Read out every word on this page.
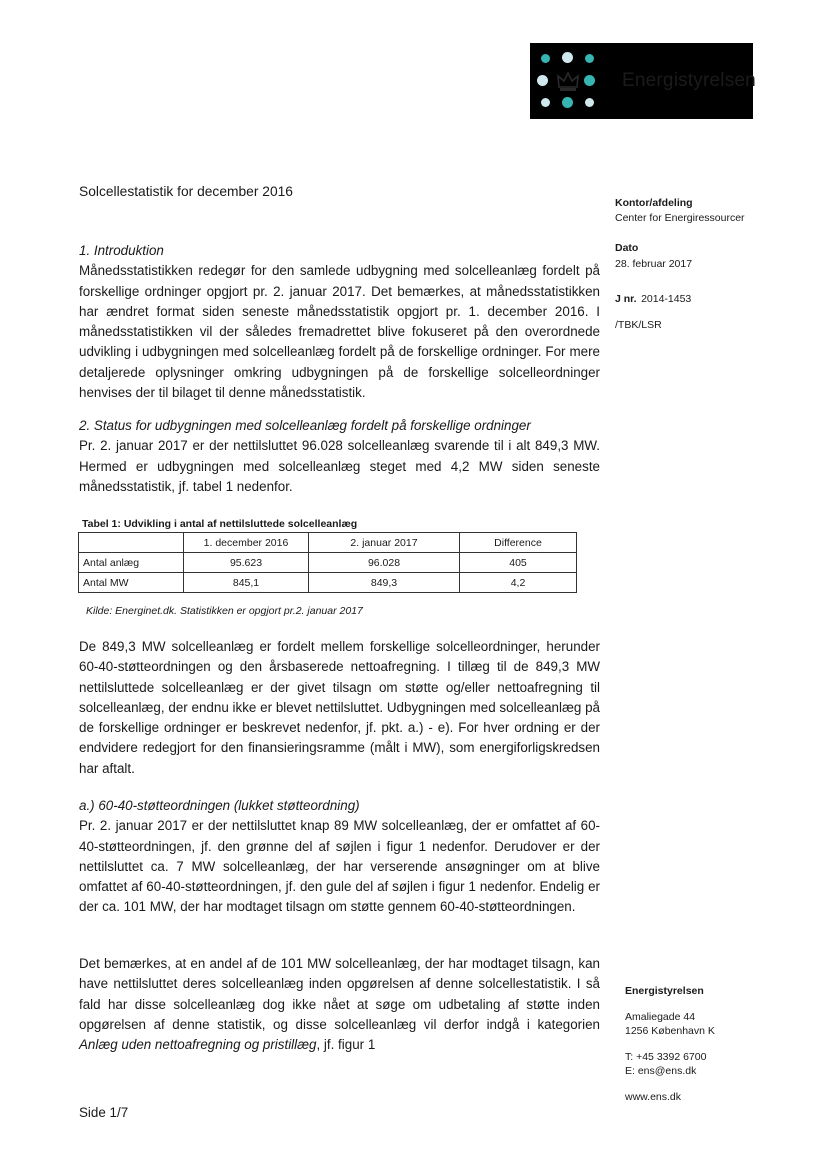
Energistyrelsen
Solcellestatistik for december 2016
Kontor/afdeling
Center for Energiressourcer
Dato
28. februar 2017
J nr. 2014-1453
/TBK/LSR
Energistyrelsen
Amaliegade 44
1256 København K
T: +45 3392 6700
E: ens@ens.dk
www.ens.dk

1. Introduktion

Månedsstatistikken redegør for den samlede udbygning med solcelleanlæg fordelt på forskellige ordninger opgjort pr. 2. januar 2017. Det bemærkes, at månedsstatistikken har ændret format siden seneste månedsstatistik opgjort pr. 1. december 2016. I månedsstatistikken vil der således fremadrettet blive fokuseret på den overordnede udvikling i udbygningen med solcelleanlæg fordelt på de forskellige ordninger. For mere detaljerede oplysninger omkring udbygningen på de forskellige solcelleordninger henvises der til bilaget til denne månedsstatistik.

2. Status for udbygningen med solcelleanlæg fordelt på forskellige ordninger

Pr. 2. januar 2017 er der nettilsluttet 96.028 solcelleanlæg svarende til i alt 849,3 MW. Hermed er udbygningen med solcelleanlæg steget med 4,2 MW siden seneste månedsstatistik, jf. tabel 1 nedenfor.

Tabel 1: Udvikling i antal af nettilsluttede solcelleanlæg
	1. december 2016	2. januar 2017	Difference
Antal anlæg	95.623	96.028	405
Antal MW	845,1	849,3	4,2
Kilde: Energinet.dk. Statistikken er opgjort pr.2. januar 2017

De 849,3 MW solcelleanlæg er fordelt mellem forskellige solcelleordninger, herunder 60-40-støtteordningen og den årsbaserede nettoafregning. I tillæg til de 849,3 MW nettilsluttede solcelleanlæg er der givet tilsagn om støtte og/eller nettoafregning til solcelleanlæg, der endnu ikke er blevet nettilsluttet. Udbygningen med solcelleanlæg på de forskellige ordninger er beskrevet nedenfor, jf. pkt. a.) - e). For hver ordning er der endvidere redegjort for den finansieringsramme (målt i MW), som energiforligskredsen har aftalt.

a.) 60-40-støtteordningen (lukket støtteordning)

Pr. 2. januar 2017 er der nettilsluttet knap 89 MW solcelleanlæg, der er omfattet af 60-40-støtteordningen, jf. den grønne del af søjlen i figur 1 nedenfor. Derudover er der nettilsluttet ca. 7 MW solcelleanlæg, der har verserende ansøgninger om at blive omfattet af 60-40-støtteordningen, jf. den gule del af søjlen i figur 1 nedenfor. Endelig er der ca. 101 MW, der har modtaget tilsagn om støtte gennem 60-40-støtteordningen.

Det bemærkes, at en andel af de 101 MW solcelleanlæg, der har modtaget tilsagn, kan have nettilsluttet deres solcelleanlæg inden opgørelsen af denne solcellestatistik. I så fald har disse solcelleanlæg dog ikke nået at søge om udbetaling af støtte inden opgørelsen af denne statistik, og disse solcelleanlæg vil derfor indgå i kategorien Anlæg uden nettoafregning og pristillæg, jf. figur 1

Side 1/7
